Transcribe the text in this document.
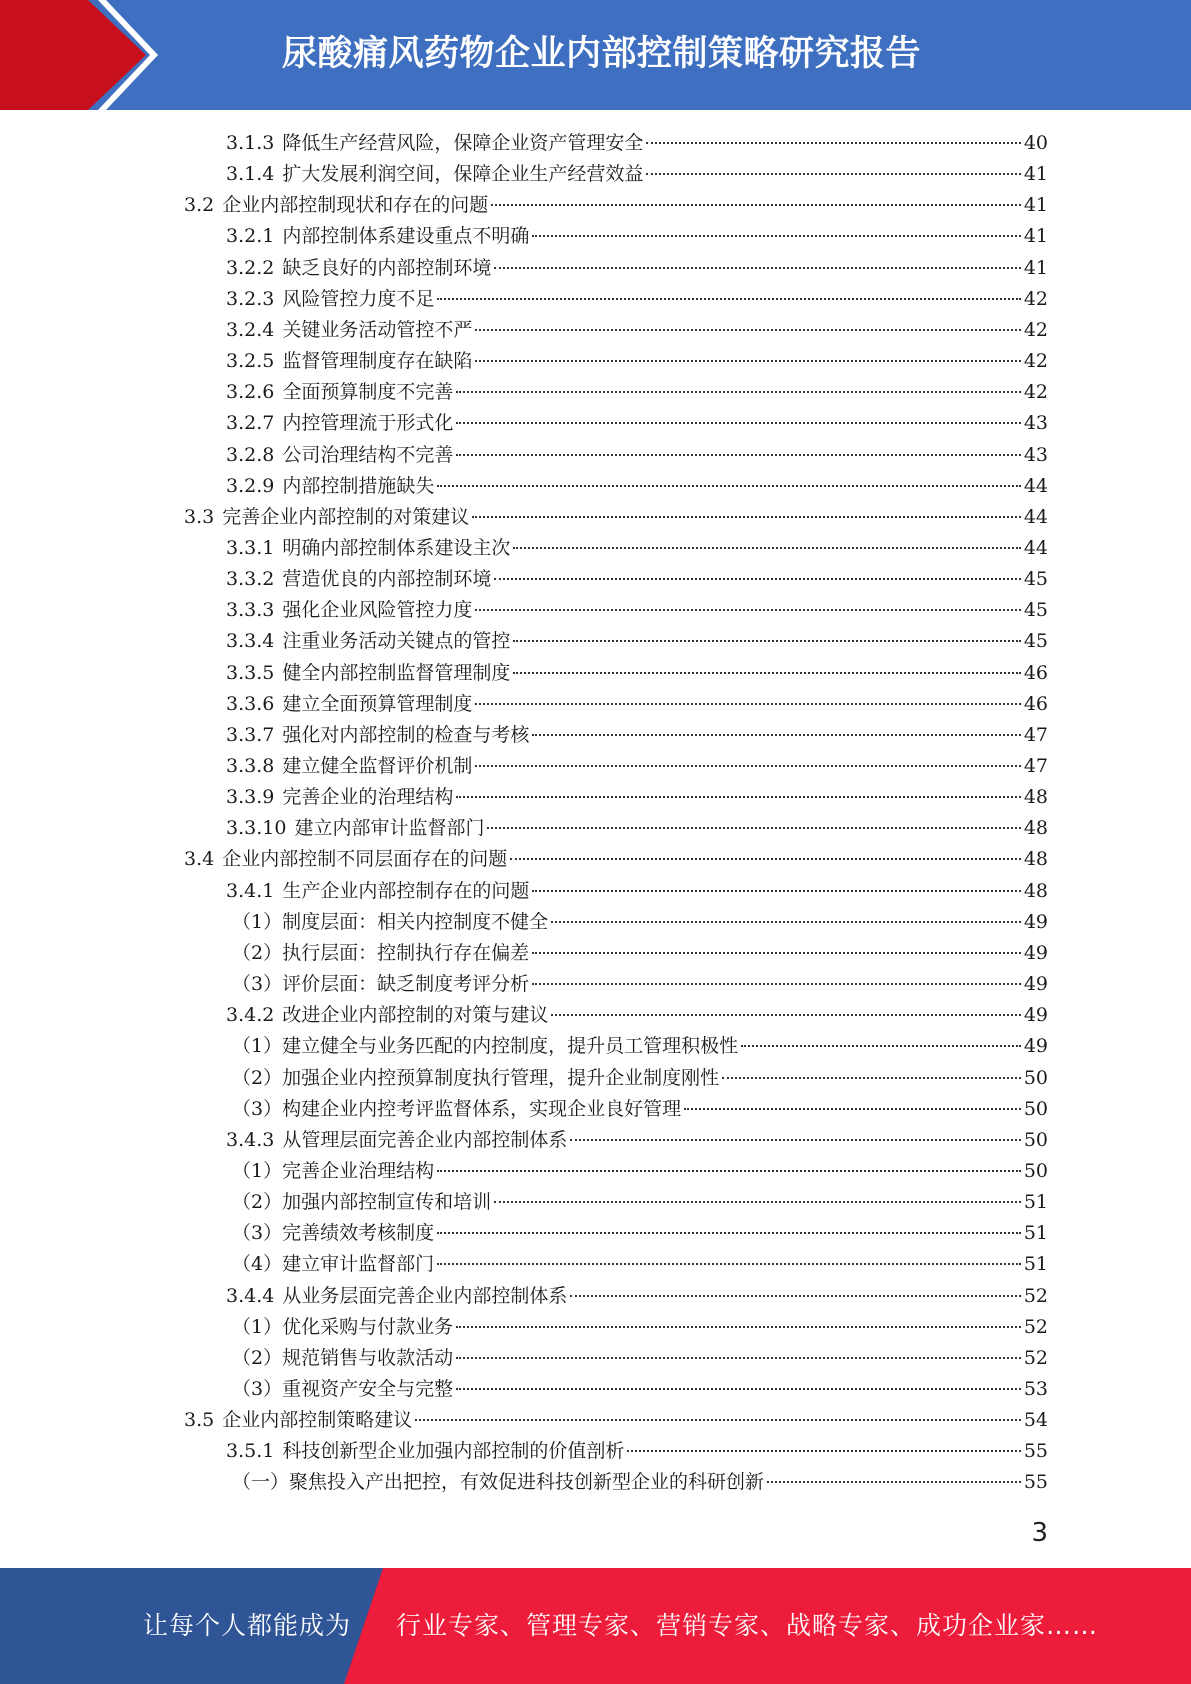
尿酸痛风药物企业内部控制策略研究报告
3.1.3 降低生产经营风险，保障企业资产管理安全	40
3.1.4 扩大发展利润空间，保障企业生产经营效益	41
3.2 企业内部控制现状和存在的问题	41
3.2.1 内部控制体系建设重点不明确	41
3.2.2 缺乏良好的内部控制环境	41
3.2.3 风险管控力度不足	42
3.2.4 关键业务活动管控不严	42
3.2.5 监督管理制度存在缺陷	42
3.2.6 全面预算制度不完善	42
3.2.7 内控管理流于形式化	43
3.2.8 公司治理结构不完善	43
3.2.9 内部控制措施缺失	44
3.3 完善企业内部控制的对策建议	44
3.3.1 明确内部控制体系建设主次	44
3.3.2 营造优良的内部控制环境	45
3.3.3 强化企业风险管控力度	45
3.3.4 注重业务活动关键点的管控	45
3.3.5 健全内部控制监督管理制度	46
3.3.6 建立全面预算管理制度	46
3.3.7 强化对内部控制的检查与考核	47
3.3.8 建立健全监督评价机制	47
3.3.9 完善企业的治理结构	48
3.3.10 建立内部审计监督部门	48
3.4 企业内部控制不同层面存在的问题	48
3.4.1 生产企业内部控制存在的问题	48
（1） 制度层面：相关内控制度不健全	49
（2） 执行层面：控制执行存在偏差	49
（3） 评价层面：缺乏制度考评分析	49
3.4.2 改进企业内部控制的对策与建议	49
（1） 建立健全与业务匹配的内控制度，提升员工管理积极性	49
（2） 加强企业内控预算制度执行管理，提升企业制度刚性	50
（3） 构建企业内控考评监督体系，实现企业良好管理	50
3.4.3 从管理层面完善企业内部控制体系	50
（1） 完善企业治理结构	50
（2） 加强内部控制宣传和培训	51
（3） 完善绩效考核制度	51
（4） 建立审计监督部门	51
3.4.4 从业务层面完善企业内部控制体系	52
（1） 优化采购与付款业务	52
（2） 规范销售与收款活动	52
（3） 重视资产安全与完整	53
3.5 企业内部控制策略建议	54
3.5.1 科技创新型企业加强内部控制的价值剖析	55
（一） 聚焦投入产出把控，有效促进科技创新型企业的科研创新	55
3
让每个人都能成为 行业专家、管理专家、营销专家、战略专家、成功企业家……
